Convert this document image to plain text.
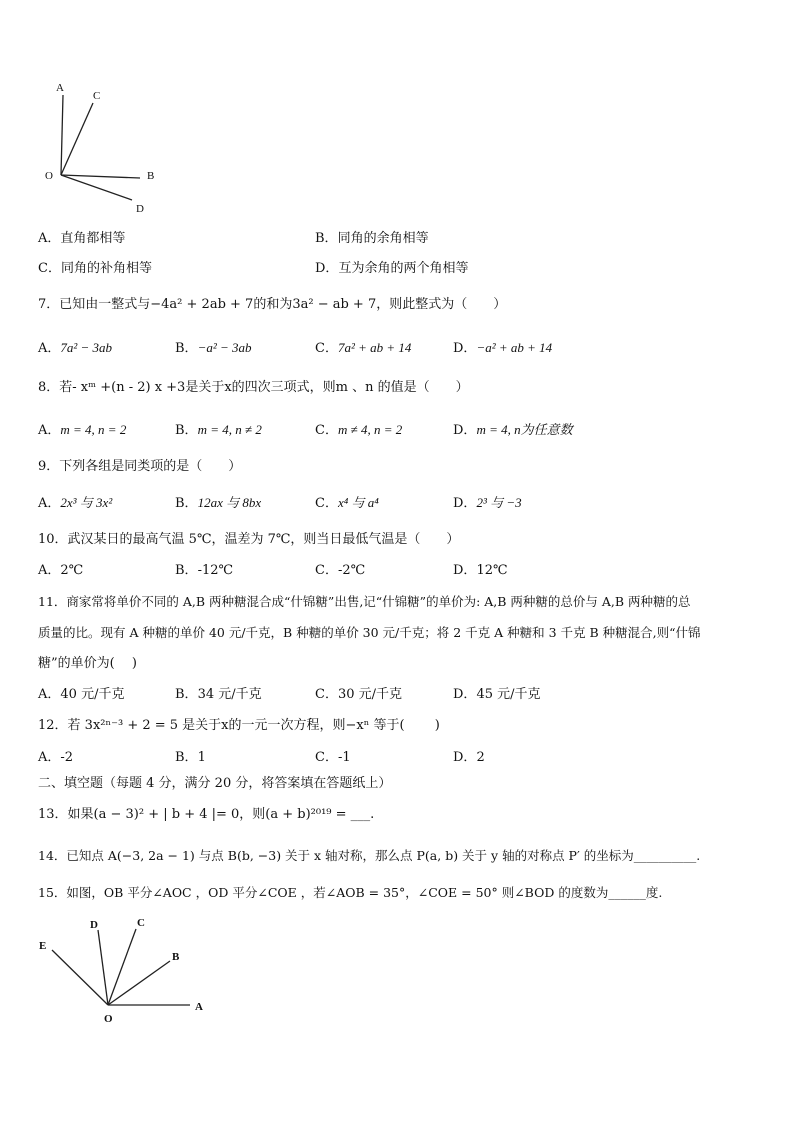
A
C
O	B
D
A．直角都相等	B．同角的余角相等
C．同角的补角相等	D．互为余角的两个角相等
7．已知由一整式与−4a² + 2ab + 7的和为3a² − ab + 7，则此整式为（　　）
A．7a² − 3ab	B．−a² − 3ab	C．7a² + ab + 14	D．−a² + ab + 14
8．若- xᵐ +(n - 2) x +3是关于x的四次三项式，则m 、n 的值是（　　）
A．m = 4, n = 2	B．m = 4, n ≠ 2	C．m ≠ 4, n = 2	D．m = 4, n为任意数
9．下列各组是同类项的是（　　）
A．2x³ 与 3x²	B．12ax 与 8bx	C．x⁴ 与 a⁴	D．2³ 与 −3
10．武汉某日的最高气温 5℃，温差为 7℃，则当日最低气温是（　　）
A．2℃	B．-12℃	C．-2℃	D．12℃
11．商家常将单价不同的 A,B 两种糖混合成“什锦糖”出售,记“什锦糖”的单价为: A,B 两种糖的总价与 A,B 两种糖的总
质量的比。现有 A 种糖的单价 40 元/千克，B 种糖的单价 30 元/千克；将 2 千克 A 种糖和 3 千克 B 种糖混合,则“什锦
糖”的单价为(　 )
A．40 元/千克	B．34 元/千克	C．30 元/千克	D．45 元/千克
12．若 3x²ⁿ⁻³ + 2 = 5 是关于x的一元一次方程，则−xⁿ 等于(　　 )
A．-2	B．1	C．-1	D．2
二、填空题（每题 4 分，满分 20 分，将答案填在答题纸上）
13．如果(a − 3)² + | b + 4 |= 0，则(a + b)²⁰¹⁹ = ___.
14．已知点 A(−3, 2a − 1) 与点 B(b, −3) 关于 x 轴对称，那么点 P(a, b) 关于 y 轴的对称点 P′ 的坐标为__________.
15．如图，OB 平分∠AOC ，OD 平分∠COE ，若∠AOB = 35°，∠COE = 50° 则∠BOD 的度数为______度.
D	C
E
B
O
A
